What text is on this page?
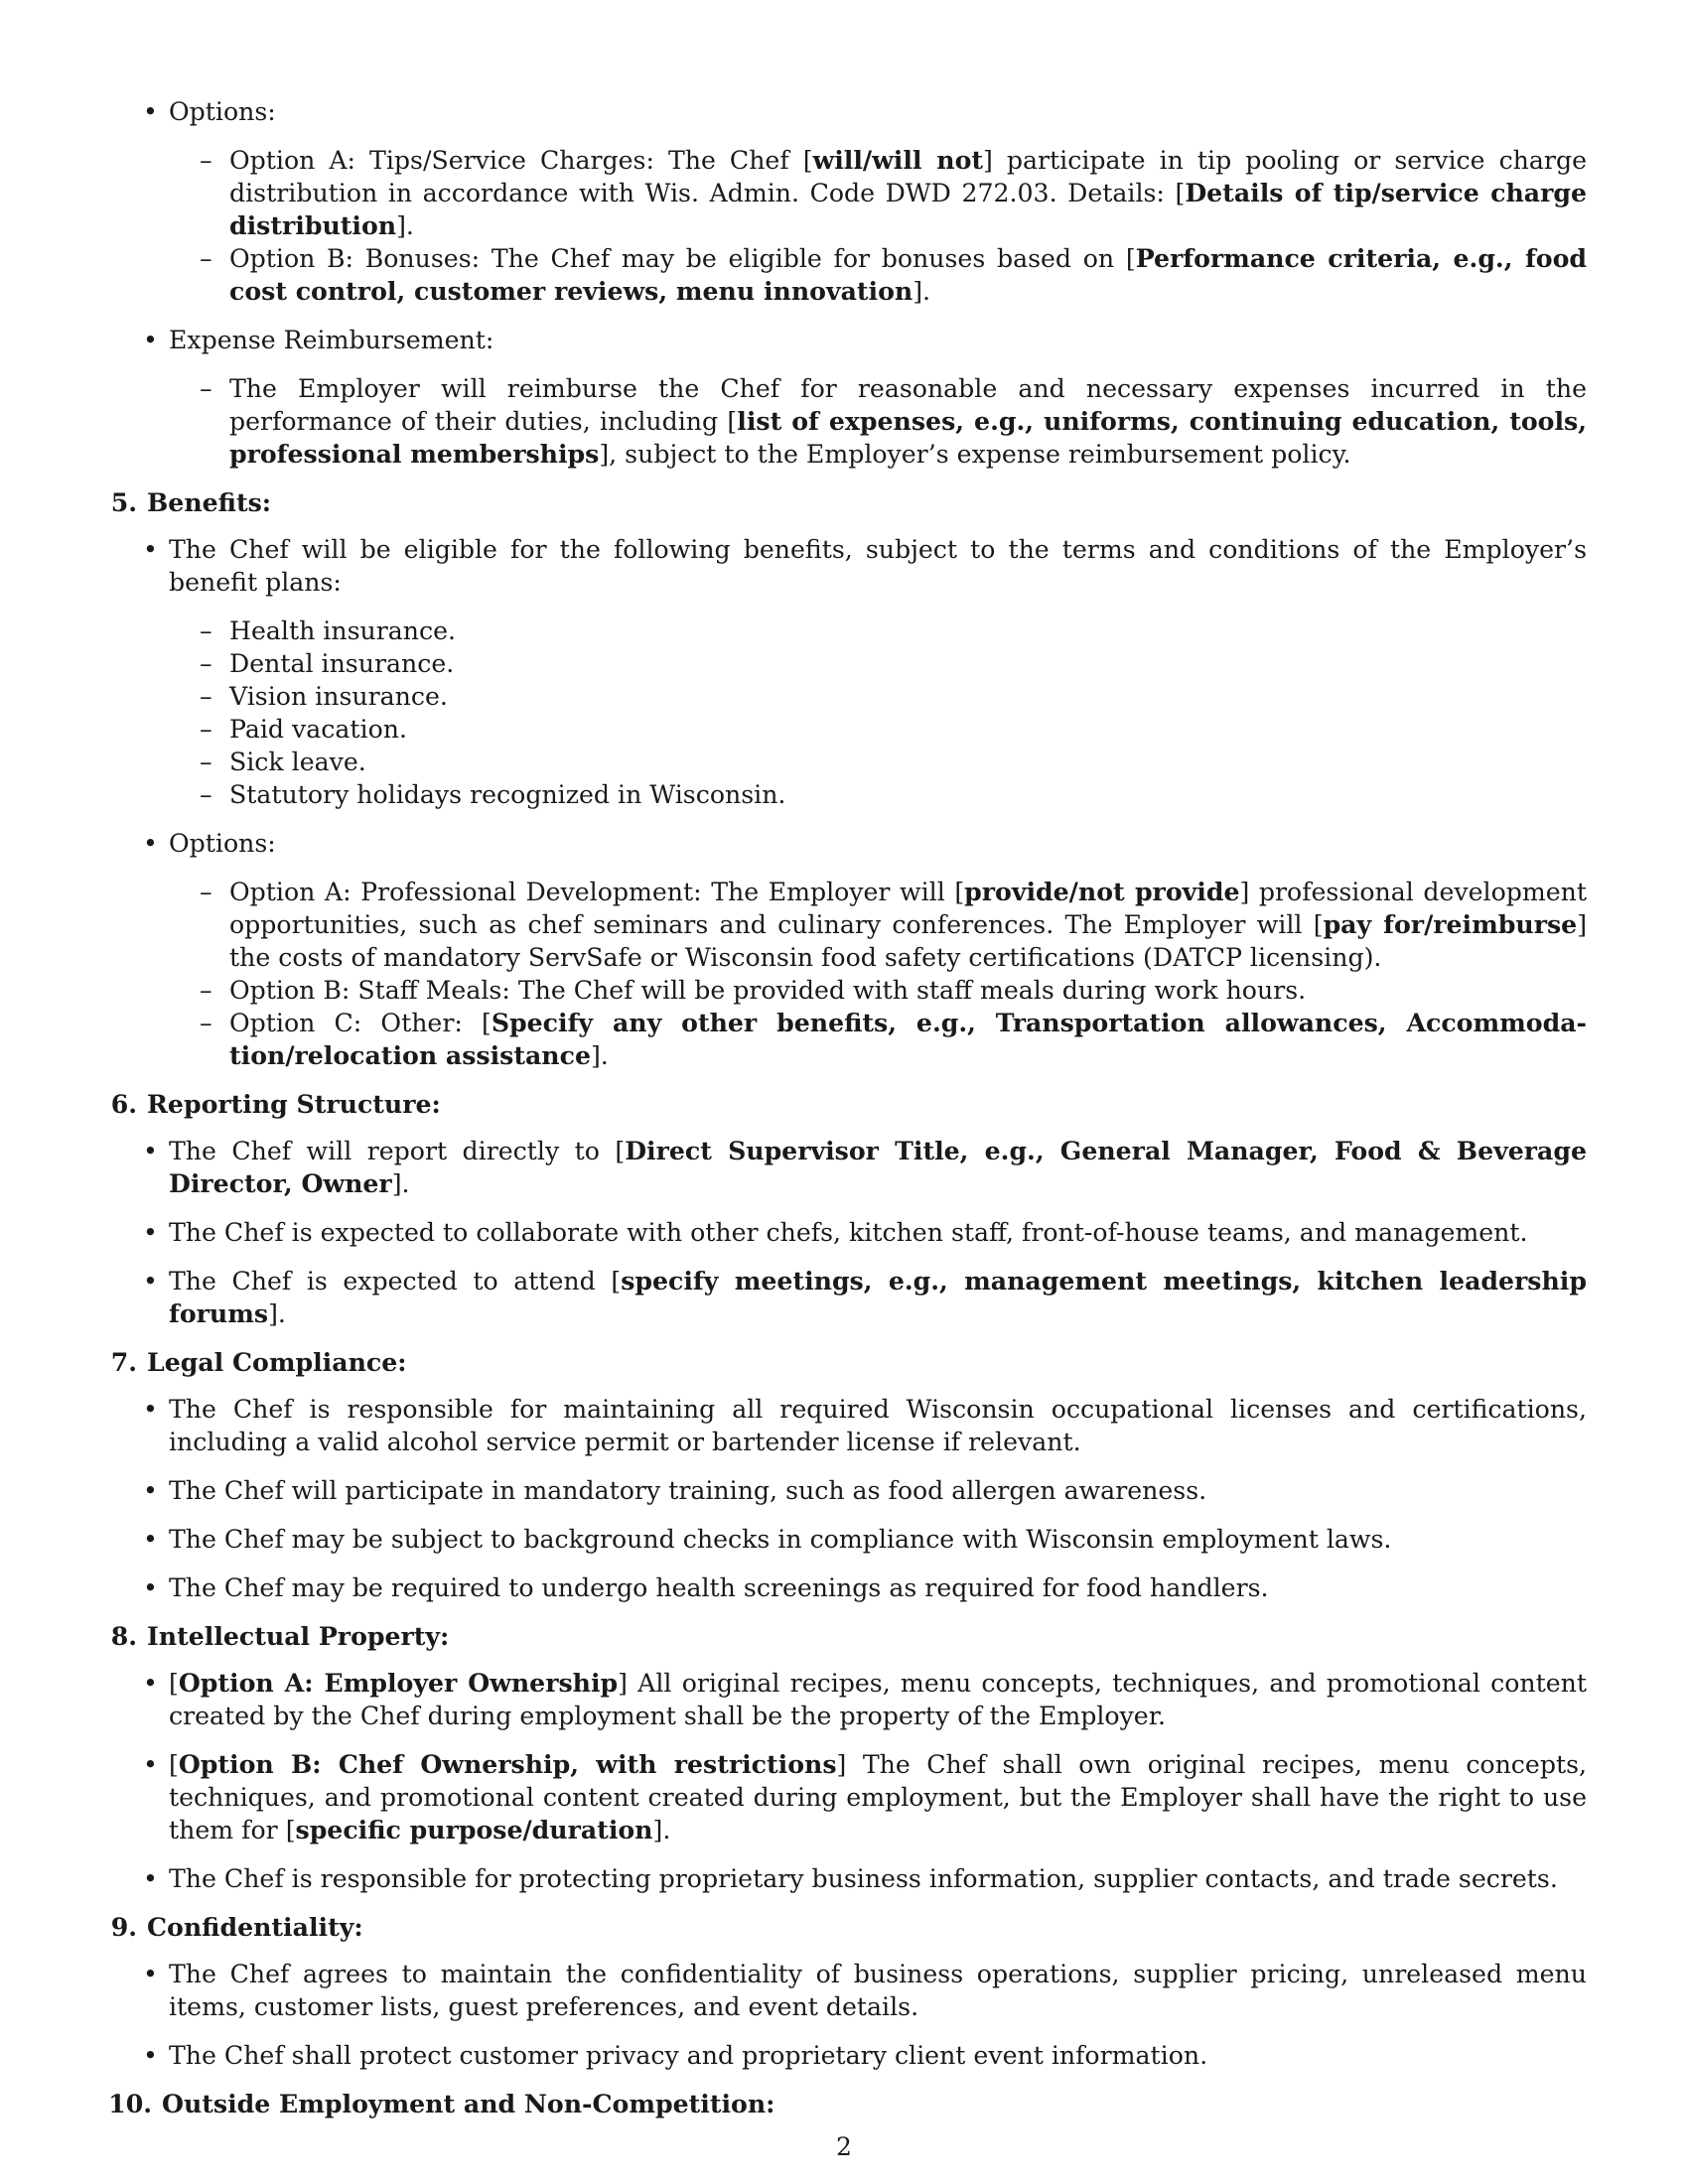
• Options:
– Option A: Tips/Service Charges: The Chef [will/will not] participate in tip pooling or service charge distribution in accordance with Wis. Admin. Code DWD 272.03. Details: [Details of tip/service charge distribution].
– Option B: Bonuses: The Chef may be eligible for bonuses based on [Performance criteria, e.g., food cost control, customer reviews, menu innovation].
• Expense Reimbursement:
– The Employer will reimburse the Chef for reasonable and necessary expenses incurred in the performance of their duties, including [list of expenses, e.g., uniforms, continuing education, tools, professional memberships], subject to the Employer’s expense reimbursement policy.
5. Benefits:
• The Chef will be eligible for the following benefits, subject to the terms and conditions of the Employer’s benefit plans:
– Health insurance.
– Dental insurance.
– Vision insurance.
– Paid vacation.
– Sick leave.
– Statutory holidays recognized in Wisconsin.
• Options:
– Option A: Professional Development: The Employer will [provide/not provide] professional development opportunities, such as chef seminars and culinary conferences. The Employer will [pay for/reimburse] the costs of mandatory ServSafe or Wisconsin food safety certifications (DATCP licensing).
– Option B: Staff Meals: The Chef will be provided with staff meals during work hours.
– Option C: Other: [Specify any other benefits, e.g., Transportation allowances, Accommodation/relocation assistance].
6. Reporting Structure:
• The Chef will report directly to [Direct Supervisor Title, e.g., General Manager, Food & Beverage Director, Owner].
• The Chef is expected to collaborate with other chefs, kitchen staff, front-of-house teams, and management.
• The Chef is expected to attend [specify meetings, e.g., management meetings, kitchen leadership forums].
7. Legal Compliance:
• The Chef is responsible for maintaining all required Wisconsin occupational licenses and certifications, including a valid alcohol service permit or bartender license if relevant.
• The Chef will participate in mandatory training, such as food allergen awareness.
• The Chef may be subject to background checks in compliance with Wisconsin employment laws.
• The Chef may be required to undergo health screenings as required for food handlers.
8. Intellectual Property:
• [Option A: Employer Ownership] All original recipes, menu concepts, techniques, and promotional content created by the Chef during employment shall be the property of the Employer.
• [Option B: Chef Ownership, with restrictions] The Chef shall own original recipes, menu concepts, techniques, and promotional content created during employment, but the Employer shall have the right to use them for [specific purpose/duration].
• The Chef is responsible for protecting proprietary business information, supplier contacts, and trade secrets.
9. Confidentiality:
• The Chef agrees to maintain the confidentiality of business operations, supplier pricing, unreleased menu items, customer lists, guest preferences, and event details.
• The Chef shall protect customer privacy and proprietary client event information.
10. Outside Employment and Non-Competition:
2
